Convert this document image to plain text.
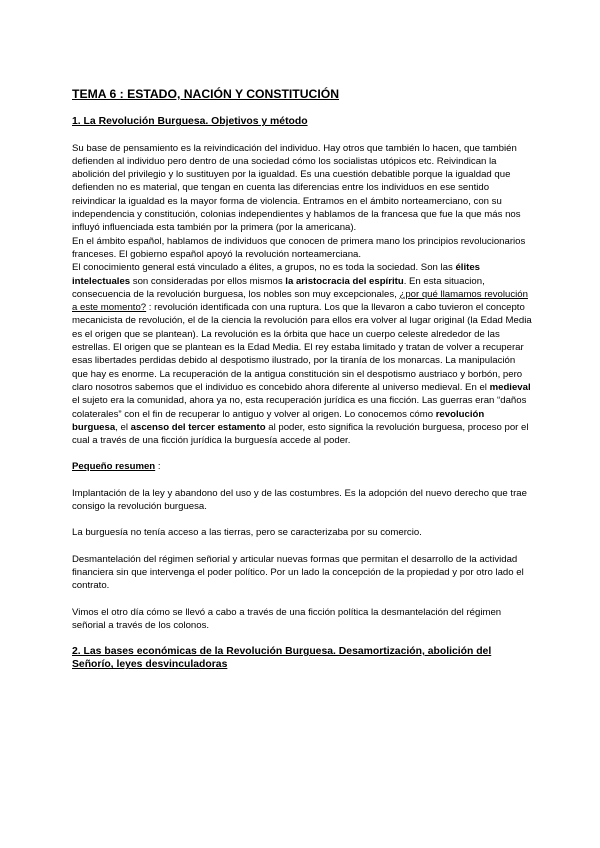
TEMA 6 : ESTADO, NACIÓN Y CONSTITUCIÓN
1. La Revolución Burguesa. Objetivos y método

Su base de pensamiento es la reivindicación del individuo. Hay otros que también lo hacen, que también defienden al individuo pero dentro de una sociedad cómo los socialistas utópicos etc. Reivindican la abolición del privilegio y lo sustituyen por la igualdad. Es una cuestión debatible porque la igualdad que defienden no es material, que tengan en cuenta las diferencias entre los individuos en ese sentido reivindicar la igualdad es la mayor forma de violencia. Entramos en el ámbito norteamerciano, con su independencia y constitución, colonias independientes y hablamos de la francesa que fue la que más nos influyó influenciada esta también por la primera (por la americana).

En el ámbito español, hablamos de individuos que conocen de primera mano los principios revolucionarios franceses. El gobierno español apoyó la revolución norteamerciana.

El conocimiento general está vinculado a élites, a grupos, no es toda la sociedad. Son las élites intelectuales son consideradas por ellos mismos la aristocracia del espíritu. En esta situacion, consecuencia de la revolución burguesa, los nobles son muy excepcionales, ¿por qué llamamos revolución a este momento? : revolución identificada con una ruptura. Los que la llevaron a cabo tuvieron el concepto mecanicista de revolución, el de la ciencia la revolución para ellos era volver al lugar original (la Edad Media es el origen que se plantean). La revolución es la órbita que hace un cuerpo celeste alrededor de las estrellas. El origen que se plantean es la Edad Media. El rey estaba limitado y tratan de volver a recuperar esas libertades perdidas debido al despotismo ilustrado, por la tiranía de los monarcas. La manipulación que hay es enorme. La recuperación de la antigua constitución sin el despotismo austriaco y borbón, pero claro nosotros sabemos que el individuo es concebido ahora diferente al universo medieval. En el medieval el sujeto era la comunidad, ahora ya no, esta recuperación jurídica es una ficción. Las guerras eran “daños colaterales” con el fin de recuperar lo antiguo y volver al origen. Lo conocemos cómo revolución burguesa, el ascenso del tercer estamento al poder, esto significa la revolución burguesa, proceso por el cual a través de una ficción jurídica la burguesía accede al poder.

Pequeño resumen :

Implantación de la ley y abandono del uso y de las costumbres. Es la adopción del nuevo derecho que trae consigo la revolución burguesa.

La burguesía no tenía acceso a las tierras, pero se caracterizaba por su comercio.

Desmantelación del régimen señorial y articular nuevas formas que permitan el desarrollo de la actividad financiera sin que intervenga el poder político. Por un lado la concepción de la propiedad y por otro lado el contrato.

Vimos el otro día cómo se llevó a cabo a través de una ficción política la desmantelación del régimen señorial a través de los colonos.

2. Las bases económicas de la Revolución Burguesa. Desamortización, abolición del Señorío, leyes desvinculadoras
